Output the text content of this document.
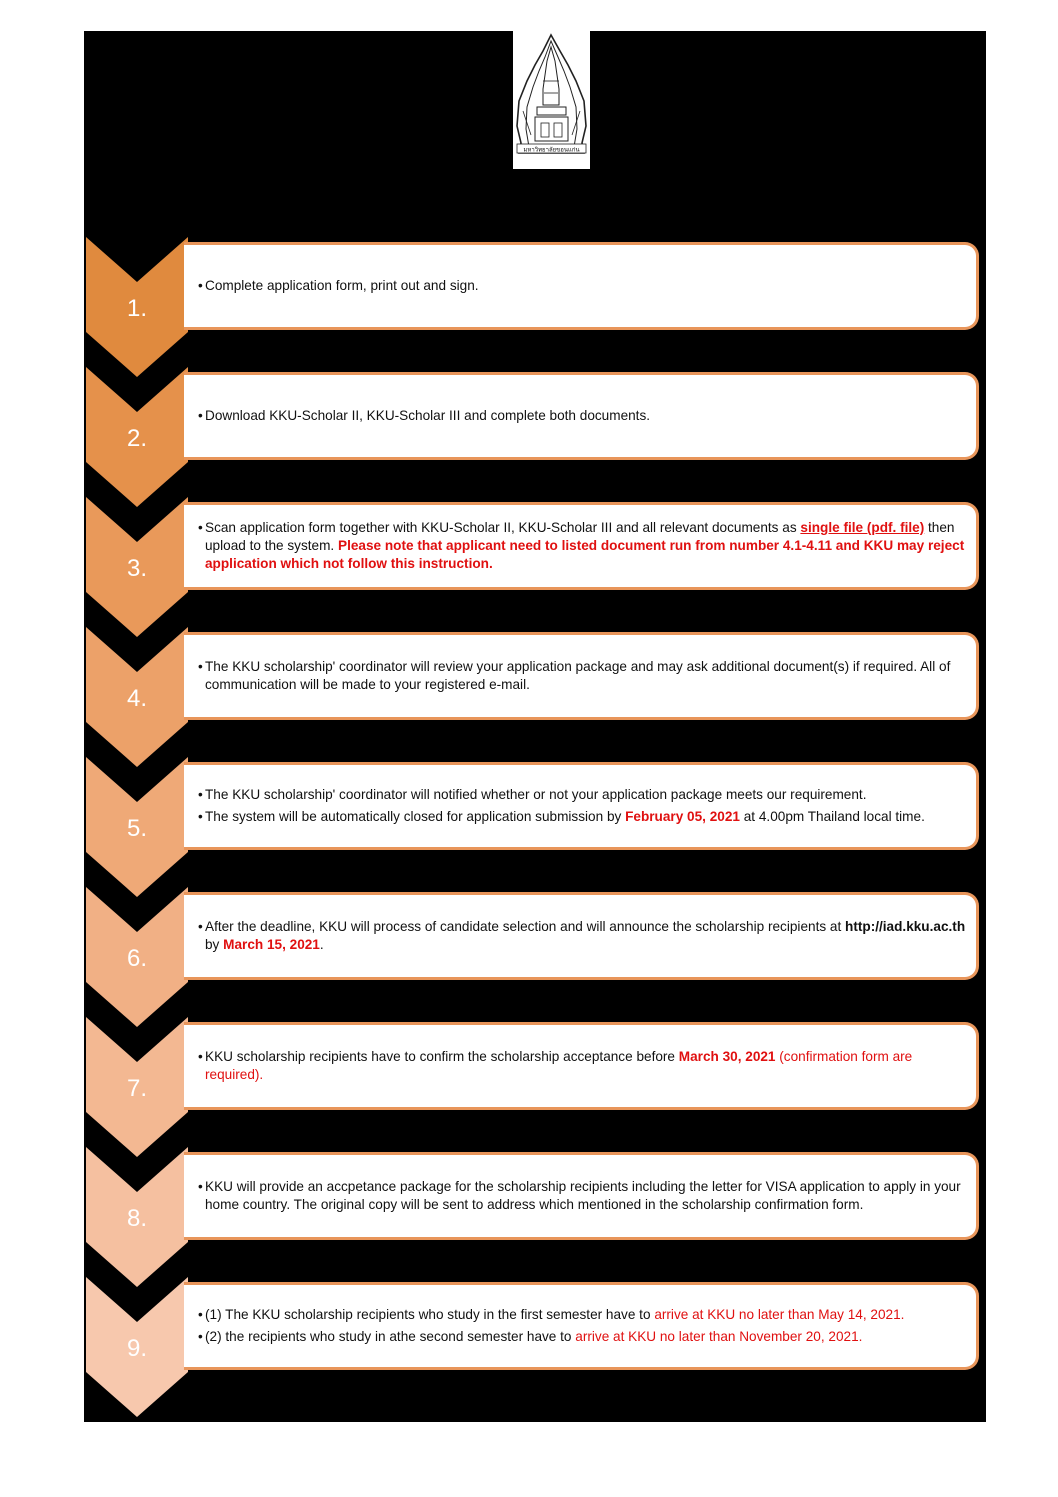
มหาวิทยาลัยขอนแก่น
1.
• Complete application form, print out and sign.
2.
• Download KKU-Scholar II, KKU-Scholar III and complete both documents.
3.
• Scan application form together with KKU-Scholar II, KKU-Scholar III and all relevant documents as single file (pdf. file) then upload to the system. Please note that applicant need to listed document run from number 4.1-4.11 and KKU may reject application which not follow this instruction.
4.
• The KKU scholarship' coordinator will review your application package and may ask additional document(s) if required. All of communication will be made to your registered e-mail.
5.
• The KKU scholarship' coordinator will notified whether or not your application package meets our requirement.
• The system will be automatically closed for application submission by February 05, 2021 at 4.00pm Thailand local time.
6.
• After the deadline, KKU will process of candidate selection and will announce the scholarship recipients at http://iad.kku.ac.th by March 15, 2021.
7.
• KKU scholarship recipients have to confirm the scholarship acceptance before March 30, 2021 (confirmation form are required).
8.
• KKU will provide an accpetance package for the scholarship recipients including the letter for VISA application to apply in your home country. The original copy will be sent to address which mentioned in the scholarship confirmation form.
9.
• (1) The KKU scholarship recipients who study in the first semester have to arrive at KKU no later than May 14, 2021.
• (2) the recipients who study in athe second semester have to arrive at KKU no later than November 20, 2021.
